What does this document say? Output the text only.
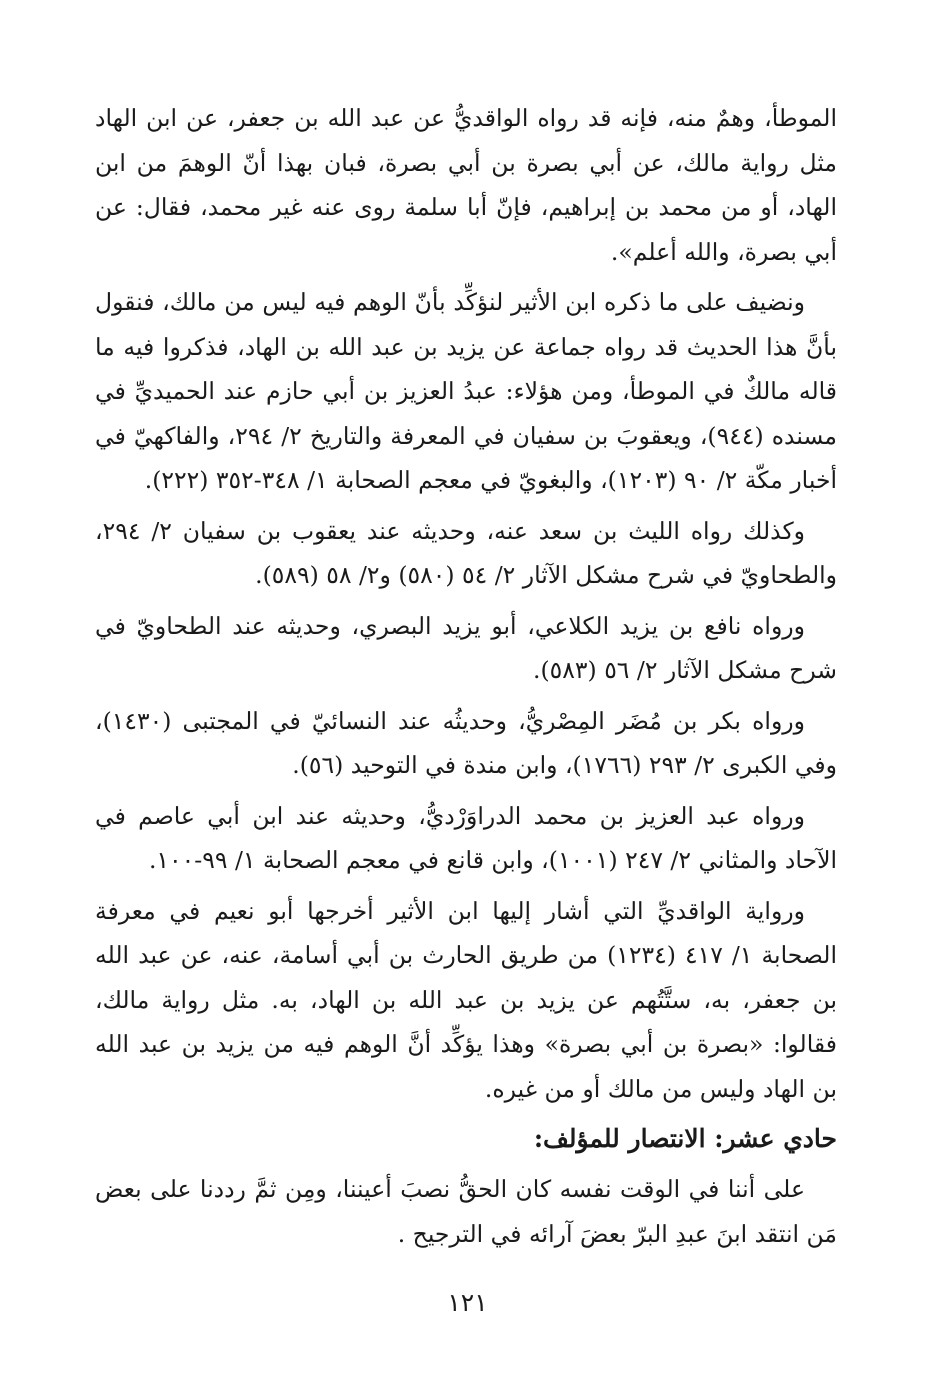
الموطأ، وهمٌ منه، فإنه قد رواه الواقديُّ عن عبد الله بن جعفر، عن ابن الهاد مثل رواية مالك، عن أبي بصرة بن أبي بصرة، فبان بهذا أنّ الوهمَ من ابن الهاد، أو من محمد بن إبراهيم، فإنّ أبا سلمة روى عنه غير محمد، فقال: عن أبي بصرة، والله أعلم».

ونضيف على ما ذكره ابن الأثير لنؤكِّد بأنّ الوهم فيه ليس من مالك، فنقول بأنَّ هذا الحديث قد رواه جماعة عن يزيد بن عبد الله بن الهاد، فذكروا فيه ما قاله مالكٌ في الموطأ، ومن هؤلاء: عبدُ العزيز بن أبي حازم عند الحميديِّ في مسنده (٩٤٤)، ويعقوبَ بن سفيان في المعرفة والتاريخ ٢/ ٢٩٤، والفاكهيّ في أخبار مكّة ٢/ ٩٠ (١٢٠٣)، والبغويّ في معجم الصحابة ١/ ٣٤٨-٣٥٢ (٢٢٢).

وكذلك رواه الليث بن سعد عنه، وحديثه عند يعقوب بن سفيان ٢/ ٢٩٤، والطحاويّ في شرح مشكل الآثار ٢/ ٥٤ (٥٨٠) و٢/ ٥٨ (٥٨٩).

ورواه نافع بن يزيد الكلاعي، أبو يزيد البصري، وحديثه عند الطحاويّ في شرح مشكل الآثار ٢/ ٥٦ (٥٨٣).

ورواه بكر بن مُضَر المِصْريُّ، وحديثُه عند النسائيّ في المجتبى (١٤٣٠)، وفي الكبرى ٢/ ٢٩٣ (١٧٦٦)، وابن مندة في التوحيد (٥٦).

ورواه عبد العزيز بن محمد الدراوَرْديُّ، وحديثه عند ابن أبي عاصم في الآحاد والمثاني ٢/ ٢٤٧ (١٠٠١)، وابن قانع في معجم الصحابة ١/ ٩٩-١٠٠.

ورواية الواقديِّ التي أشار إليها ابن الأثير أخرجها أبو نعيم في معرفة الصحابة ١/ ٤١٧ (١٢٣٤) من طريق الحارث بن أبي أسامة، عنه، عن عبد الله بن جعفر، به، ستَّتُهم عن يزيد بن عبد الله بن الهاد، به. مثل رواية مالك، فقالوا: «بصرة بن أبي بصرة» وهذا يؤكِّد أنَّ الوهم فيه من يزيد بن عبد الله بن الهاد وليس من مالك أو من غيره.

حادي عشر: الانتصار للمؤلف:

على أننا في الوقت نفسه كان الحقُّ نصبَ أعيننا، ومِن ثمَّ رددنا على بعض مَن انتقد ابنَ عبدِ البرّ بعضَ آرائه في الترجيح .

١٢١
